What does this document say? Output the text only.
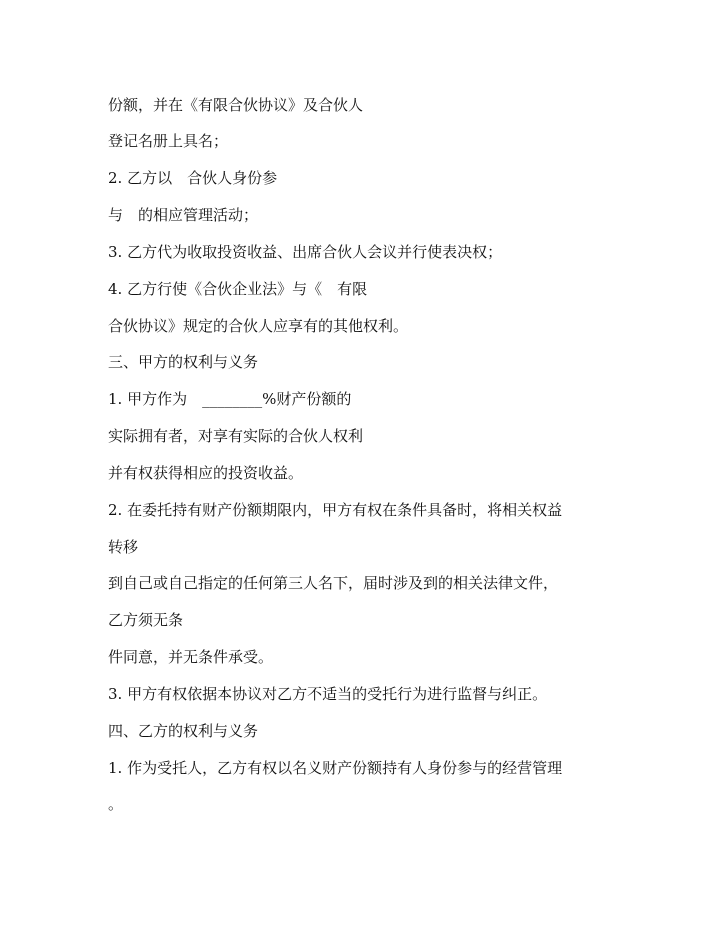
份额，并在《有限合伙协议》及合伙人
登记名册上具名；
2. 乙方以　合伙人身份参
与　的相应管理活动；
3. 乙方代为收取投资收益、出席合伙人会议并行使表决权；
4. 乙方行使《合伙企业法》与《　有限
合伙协议》规定的合伙人应享有的其他权利。
三、甲方的权利与义务
1. 甲方作为　________%财产份额的
实际拥有者，对享有实际的合伙人权利
并有权获得相应的投资收益。
2. 在委托持有财产份额期限内，甲方有权在条件具备时，将相关权益
转移
到自己或自己指定的任何第三人名下，届时涉及到的相关法律文件，
乙方须无条
件同意，并无条件承受。
3. 甲方有权依据本协议对乙方不适当的受托行为进行监督与纠正。
四、乙方的权利与义务
1. 作为受托人，乙方有权以名义财产份额持有人身份参与的经营管理
。
